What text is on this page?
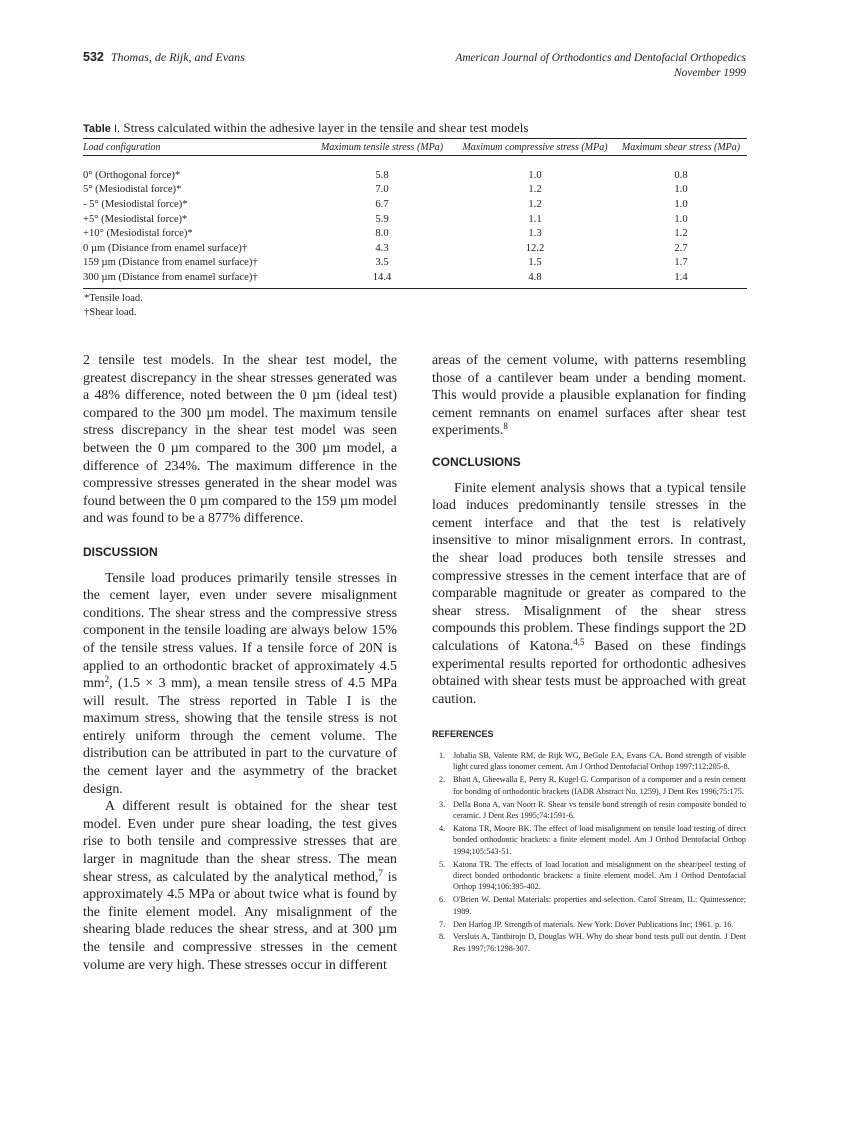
532 Thomas, de Rijk, and Evans	American Journal of Orthodontics and Dentofacial Orthopedics
November 1999
Table I. Stress calculated within the adhesive layer in the tensile and shear test models
Load configuration	Maximum tensile stress (MPa)	Maximum compressive stress (MPa)	Maximum shear stress (MPa)
0° (Orthogonal force)*	5.8	1.0	0.8
5° (Mesiodistal force)*	7.0	1.2	1.0
- 5° (Mesiodistal force)*	6.7	1.2	1.0
+5° (Mesiodistal force)*	5.9	1.1	1.0
+10° (Mesiodistal force)*	8.0	1.3	1.2
0 µm (Distance from enamel surface)†	4.3	12.2	2.7
159 µm (Distance from enamel surface)†	3.5	1.5	1.7
300 µm (Distance from enamel surface)†	14.4	4.8	1.4
*Tensile load.
†Shear load.

2 tensile test models. In the shear test model, the greatest discrepancy in the shear stresses generated was a 48% difference, noted between the 0 µm (ideal test) compared to the 300 µm model. The maximum tensile stress discrepancy in the shear test model was seen between the 0 µm compared to the 300 µm model, a difference of 234%. The maximum difference in the compressive stresses generated in the shear model was found between the 0 µm compared to the 159 µm model and was found to be a 877% difference.

DISCUSSION

Tensile load produces primarily tensile stresses in the cement layer, even under severe misalignment conditions. The shear stress and the compressive stress component in the tensile loading are always below 15% of the tensile stress values. If a tensile force of 20N is applied to an orthodontic bracket of approximately 4.5 $mm^2$, (1.5 × 3 mm), a mean tensile stress of 4.5 MPa will result. The stress reported in Table I is the maximum stress, showing that the tensile stress is not entirely uniform through the cement volume. The distribution can be attributed in part to the curvature of the cement layer and the asymmetry of the bracket design.

A different result is obtained for the shear test model. Even under pure shear loading, the test gives rise to both tensile and compressive stresses that are larger in magnitude than the shear stress. The mean shear stress, as calculated by the analytical method,$^7$ is approximately 4.5 MPa or about twice what is found by the finite element model. Any misalignment of the shearing blade reduces the shear stress, and at 300 µm the tensile and compressive stresses in the cement volume are very high. These stresses occur in different

areas of the cement volume, with patterns resembling those of a cantilever beam under a bending moment. This would provide a plausible explanation for finding cement remnants on enamel surfaces after shear test experiments.$^8$

CONCLUSIONS

Finite element analysis shows that a typical tensile load induces predominantly tensile stresses in the cement interface and that the test is relatively insensitive to minor misalignment errors. In contrast, the shear load produces both tensile stresses and compressive stresses in the cement interface that are of comparable magnitude or greater as compared to the shear stress. Misalignment of the shear stress compounds this problem. These findings support the 2D calculations of Katona.$^{4,5}$ Based on these findings experimental results reported for orthodontic adhesives obtained with shear tests must be approached with great caution.

REFERENCES
1. Jobalia SB, Valente RM, de Rijk WG, BeGole EA, Evans CA. Bond strength of visible light cured glass ionomer cement. Am J Orthod Dentofacial Orthop 1997;112:205-8.
2. Bhatt A, Gheewalla E, Perry R, Kugel G. Comparison of a compomer and a resin cement for bonding of orthodontic brackets (IADR Abstract No. 1259). J Dent Res 1996;75:175.
3. Della Bona A, van Noort R. Shear vs tensile bond strength of resin composite bonded to ceramic. J Dent Res 1995;74:1591-6.
4. Katona TR, Moore BK. The effect of load misalignment on tensile load testing of direct bonded orthodontic brackets: a finite element model. Am J Orthod Dentofacial Orthop 1994;105:543-51.
5. Katona TR. The effects of load location and misalignment on the shear/peel testing of direct bonded orthodontic brackets: a finite element model. Am J Orthod Dentofacial Orthop 1994;106:395-402.
6. O'Brien W. Dental Materials: properties and selection. Carol Stream, IL: Quintessence; 1989.
7. Den Hartog JP. Strength of materials. New York: Dover Publications Inc; 1961. p. 16.
8. Versluis A, Tantbirojn D, Douglas WH. Why do shear bond tests pull out dentin. J Dent Res 1997;76:1298-307.
